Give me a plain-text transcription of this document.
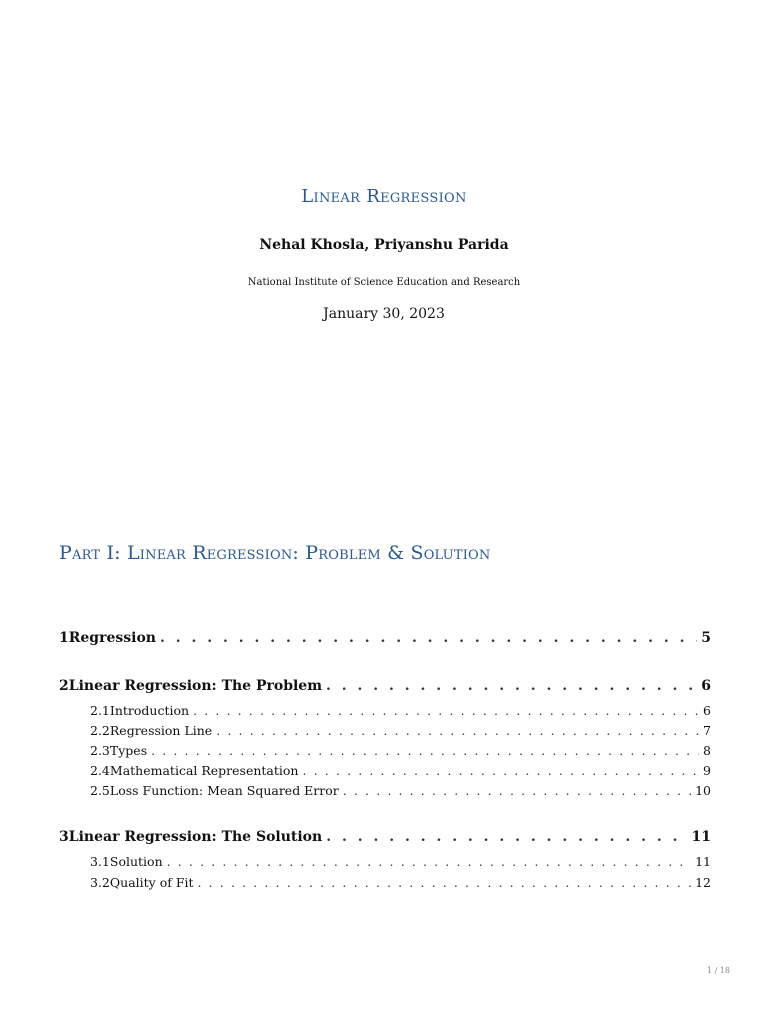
Linear Regression
Nehal Khosla, Priyanshu Parida
National Institute of Science Education and Research
January 30, 2023
Part I: Linear Regression: Problem & Solution
1 Regression . . .	5
2 Linear Regression: The Problem . . .	6
2.1 Introduction . . .	6
2.2 Regression Line . . .	7
2.3 Types . . .	8
2.4 Mathematical Representation . . .	9
2.5 Loss Function: Mean Squared Error . . .	10
3 Linear Regression: The Solution . . .	11
3.1 Solution . . .	11
3.2 Quality of Fit . . .	12
1 / 18
